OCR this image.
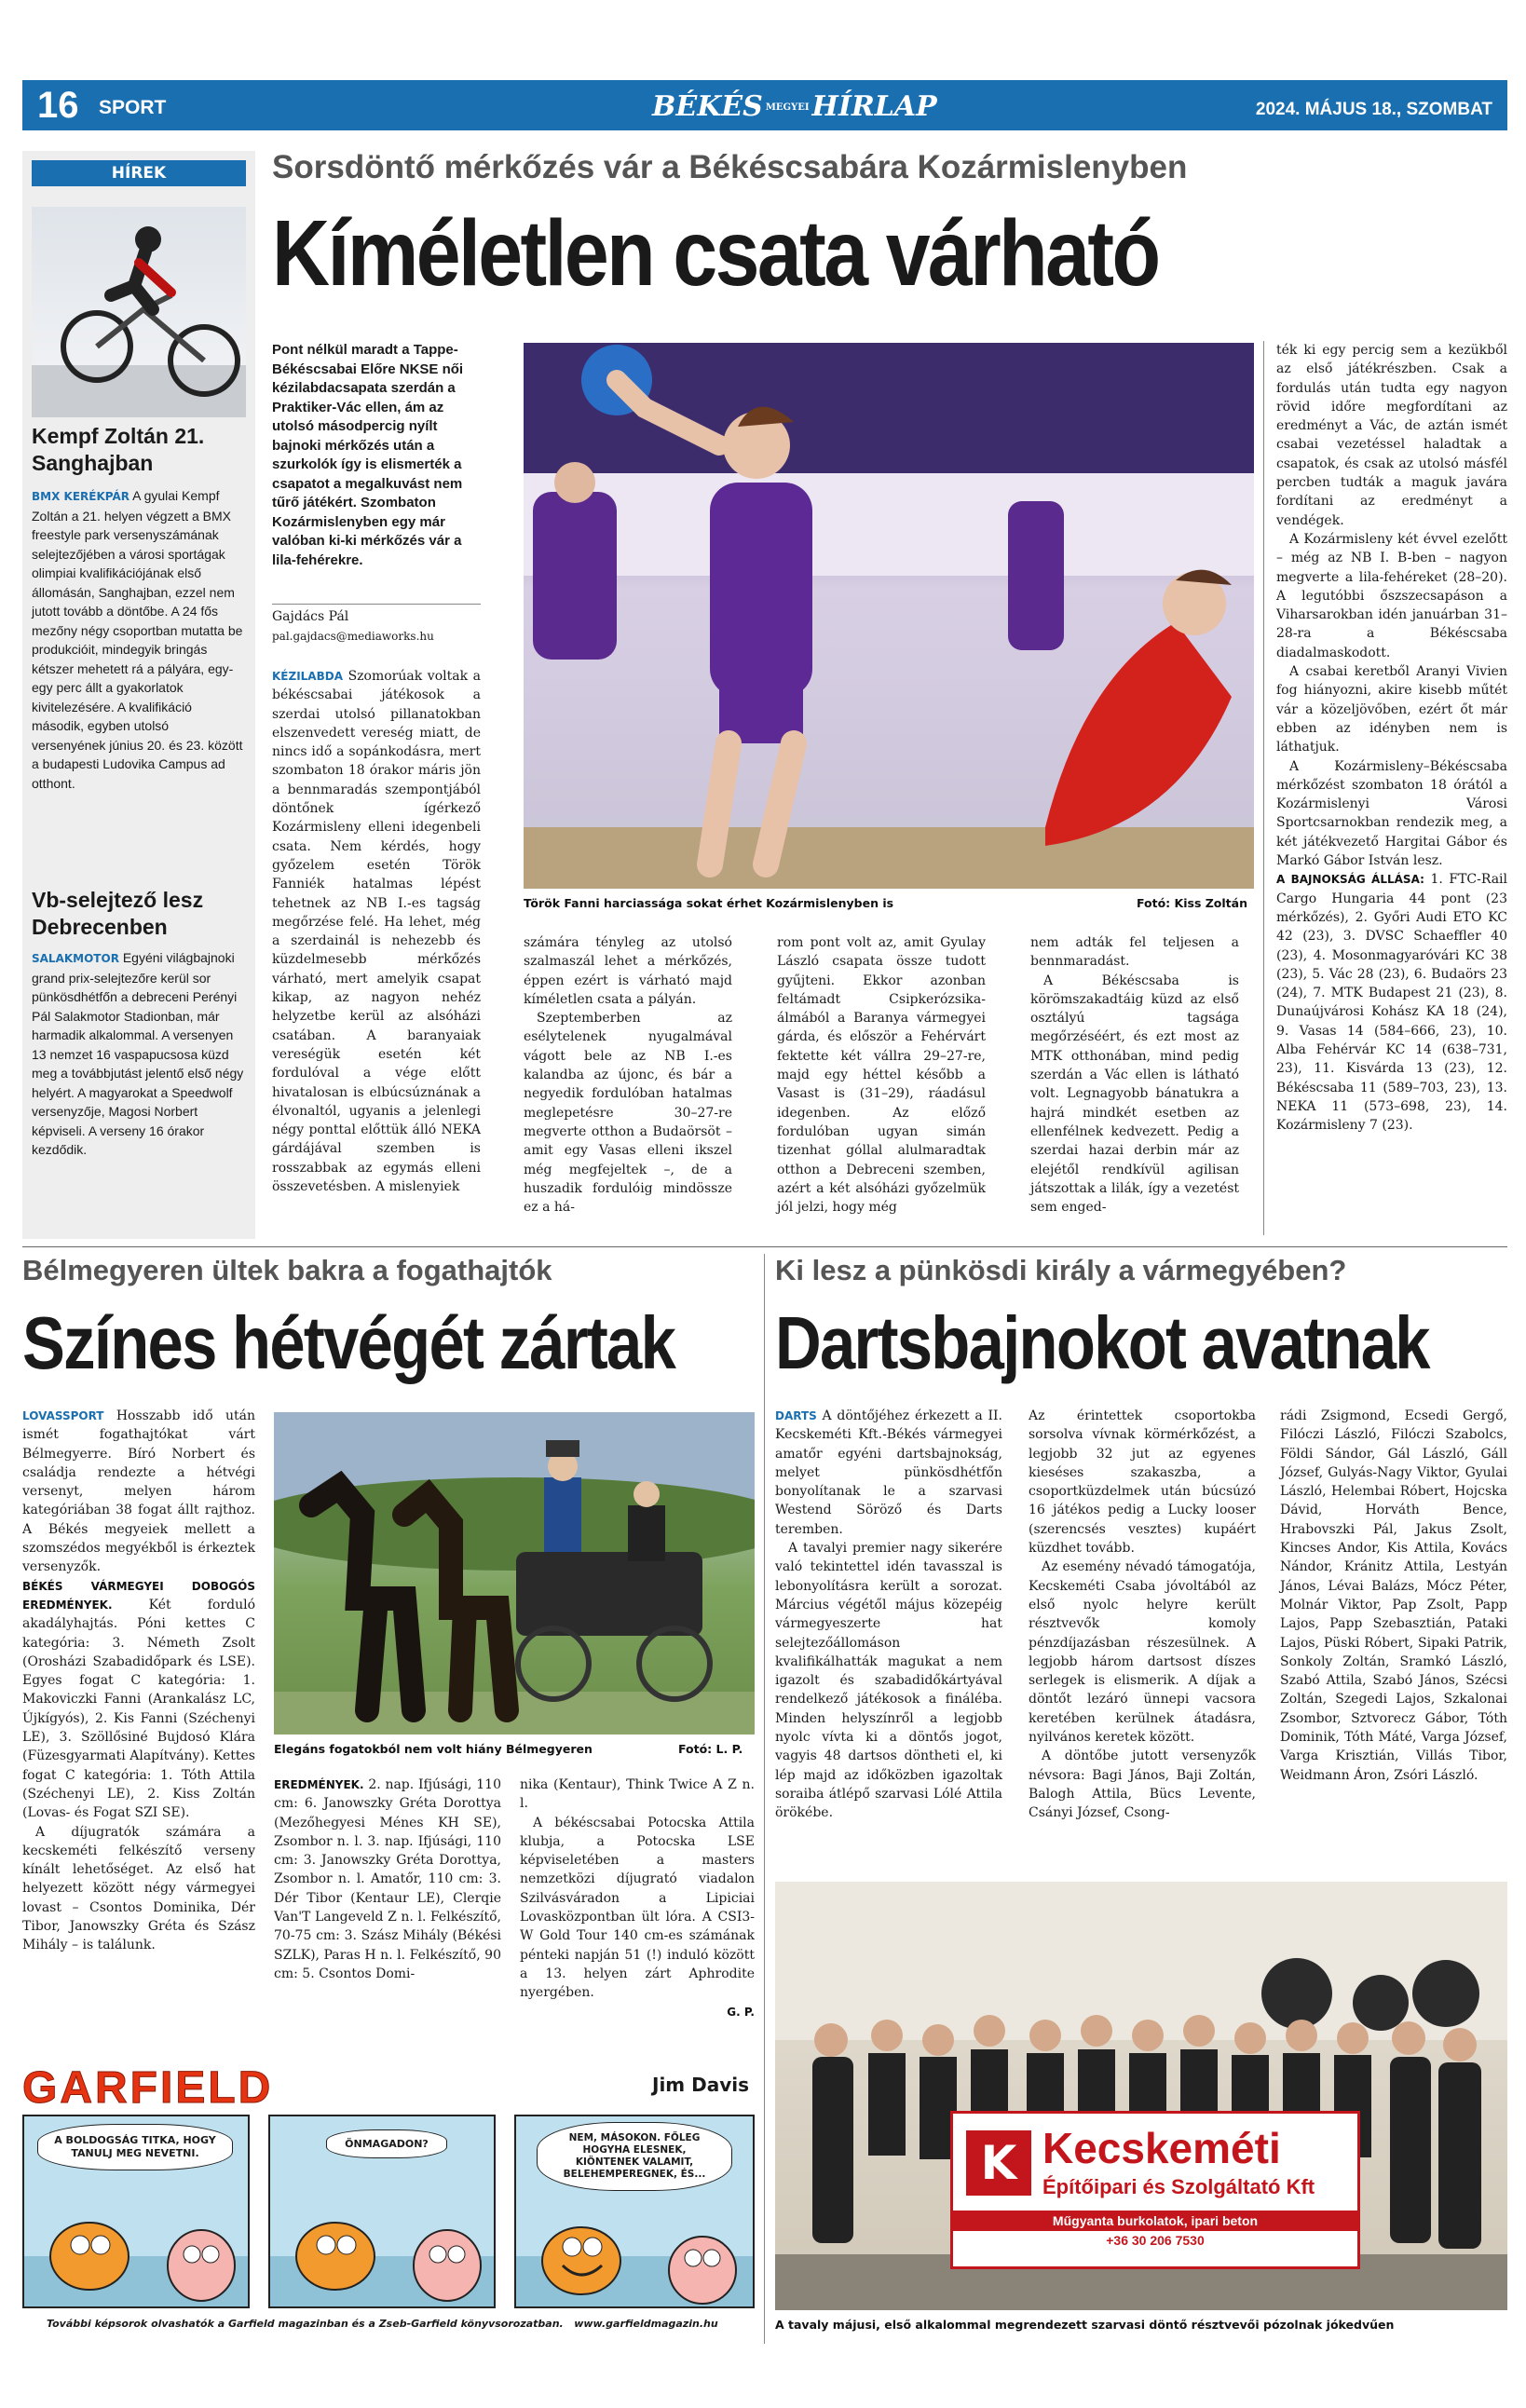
16 SPORT	BÉKÉS MEGYEI HÍRLAP	2024. MÁJUS 18., SZOMBAT
HÍREK
Kempf Zoltán 21. Sanghajban
BMX KERÉKPÁR A gyulai Kempf Zoltán a 21. helyen végzett a BMX freestyle park versenyszámának selejtezőjében a városi sportágak olimpiai kvalifikációjának első állomásán, Sanghajban, ezzel nem jutott tovább a döntőbe. A 24 fős mezőny négy csoportban mutatta be produkcióit, mindegyik bringás kétszer mehetett rá a pályára, egy-egy perc állt a gyakorlatok kivitelezésére. A kvalifikáció második, egyben utolsó versenyének június 20. és 23. között a budapesti Ludovika Campus ad otthont.
Vb-selejtező lesz Debrecenben
SALAKMOTOR Egyéni világbajnoki grand prix-selejtezőre kerül sor pünkösdhétfőn a debreceni Perényi Pál Salakmotor Stadionban, már harmadik alkalommal. A versenyen 13 nemzet 16 vaspapucsosa küzd meg a továbbjutást jelentő első négy helyért. A magyarokat a Speedwolf versenyzője, Magosi Norbert képviseli. A verseny 16 órakor kezdődik.
Sorsdöntő mérkőzés vár a Békéscsabára Kozármislenyben
Kíméletlen csata várható
Pont nélkül maradt a Tappe-Békéscsabai Előre NKSE női kézilabdacsapata szerdán a Praktiker-Vác ellen, ám az utolsó másodpercig nyílt bajnoki mérkőzés után a szurkolók így is elismerték a csapatot a megalkuvást nem tűrő játékért. Szombaton Kozármislenyben egy már valóban ki-ki mérkőzés vár a lila-fehérekre.
Gajdács Pál
pal.gajdacs@mediaworks.hu

KÉZILABDA Szomorúak voltak a békéscsabai játékosok a szerdai utolsó pillanatokban elszenvedett vereség miatt, de nincs idő a sopánkodásra, mert szombaton 18 órakor máris jön a bennmaradás szempontjából döntőnek ígérkező Kozármisleny elleni idegenbeli csata. Nem kérdés, hogy győzelem esetén Török Fanniék hatalmas lépést tehetnek az NB I.-es tagság megőrzése felé. Ha lehet, még a szerdainál is nehezebb és küzdelmesebb mérkőzés várható, mert amelyik csapat kikap, az nagyon nehéz helyzetbe kerül az alsóházi csatában. A baranyaiak vereségük esetén két fordulóval a vége előtt hivatalosan is elbúcsúznának a élvonaltól, ugyanis a jelenlegi négy ponttal előttük álló NEKA gárdájával szemben is rosszabbak az egymás elleni összevetésben. A mislenyiek

Török Fanni harciassága sokat érhet Kozármislenyben is	Fotó: Kiss Zoltán

számára tényleg az utolsó szalmaszál lehet a mérkőzés, éppen ezért is várható majd kíméletlen csata a pályán.

Szeptemberben az esélytelenek nyugalmával vágott bele az NB I.-es kalandba az újonc, és bár a negyedik fordulóban hatalmas meglepetésre 30–27-re megverte otthon a Budaörsöt – amit egy Vasas elleni ikszel még megfejeltek –, de a huszadik fordulóig mindössze ez a há-

rom pont volt az, amit Gyulay László csapata össze tudott gyűjteni. Ekkor azonban feltámadt Csipkerózsika-álmából a Baranya vármegyei gárda, és először a Fehérvárt fektette két vállra 29–27-re, majd egy héttel később a Vasast is (31–29), ráadásul idegenben. Az előző fordulóban ugyan simán tizenhat góllal alulmaradtak otthon a Debreceni szemben, azért a két alsóházi győzelmük jól jelzi, hogy még

nem adták fel teljesen a bennmaradást.

A Békéscsaba is körömszakadtáig küzd az első osztályú tagsága megőrzéséért, és ezt most az MTK otthonában, mind pedig szerdán a Vác ellen is látható volt. Legnagyobb bánatukra a hajrá mindkét esetben az ellenfélnek kedvezett. Pedig a szerdai hazai derbin már az elejétől rendkívül agilisan játszottak a lilák, így a vezetést sem enged-

ték ki egy percig sem a kezükből az első játékrészben. Csak a fordulás után tudta egy nagyon rövid időre megfordítani az eredményt a Vác, de aztán ismét csabai vezetéssel haladtak a csapatok, és csak az utolsó másfél percben tudták a maguk javára fordítani az eredményt a vendégek.

A Kozármisleny két évvel ezelőtt – még az NB I. B-ben – nagyon megverte a lila-fehéreket (28–20). A legutóbbi őszszecsapáson a Viharsarokban idén januárban 31–28-ra a Békéscsaba diadalmaskodott.

A csabai keretből Aranyi Vivien fog hiányozni, akire kisebb műtét vár a közeljövőben, ezért őt már ebben az idényben nem is láthatjuk.

A Kozármisleny–Békéscsaba mérkőzést szombaton 18 órától a Kozármislenyi Városi Sportcsarnokban rendezik meg, a két játékvezető Hargitai Gábor és Markó Gábor István lesz.

A BAJNOKSÁG ÁLLÁSA: 1. FTC-Rail Cargo Hungaria 44 pont (23 mérkőzés), 2. Győri Audi ETO KC 42 (23), 3. DVSC Schaeffler 40 (23), 4. Mosonmagyaróvári KC 38 (23), 5. Vác 28 (23), 6. Budaörs 23 (24), 7. MTK Budapest 21 (23), 8. Dunaújvárosi Kohász KA 18 (24), 9. Vasas 14 (584–666, 23), 10. Alba Fehérvár KC 14 (638–731, 23), 11. Kisvárda 13 (23), 12. Békéscsaba 11 (589–703, 23), 13. NEKA 11 (573–698, 23), 14. Kozármisleny 7 (23).

Bélmegyeren ültek bakra a fogathajtók
Színes hétvégét zártak

LOVASSPORT Hosszabb idő után ismét fogathajtókat várt Bélmegyerre. Bíró Norbert és családja rendezte a hétvégi versenyt, melyen három kategóriában 38 fogat állt rajthoz. A Békés megyeiek mellett a szomszédos megyékből is érkeztek versenyzők.

BÉKÉS VÁRMEGYEI DOBOGÓS EREDMÉNYEK.	Két forduló akadályhajtás. Póni kettes C kategória: 3. Németh Zsolt (Orosházi Szabadidőpark és LSE). Egyes fogat C kategória: 1. Makoviczki Fanni (Arankalász LC, Újkígyós), 2. Kis Fanni (Széchenyi LE), 3. Szöllősiné Bujdosó Klára (Füzesgyarmati Alapítvány). Kettes fogat C kategória: 1. Tóth Attila (Széchenyi LE), 2. Kiss Zoltán (Lovas- és Fogat SZI SE).

A díjugratók számára a kecskeméti felkészítő verseny kínált lehetőséget. Az első hat helyezett között négy vármegyei lovast – Csontos Dominika, Dér Tibor, Janowszky Gréta és Szász Mihály – is találunk.

Elegáns fogatokból nem volt hiány Bélmegyeren	Fotó: L. P.

EREDMÉNYEK. 2. nap. Ifjúsági, 110 cm: 6. Janowszky Gréta Dorottya (Mezőhegyesi Ménes KH SE), Zsombor n. l. 3. nap. Ifjúsági, 110 cm: 3. Janowszky Gréta Dorottya, Zsombor n. l. Amatőr, 110 cm: 3. Dér Tibor (Kentaur LE), Clerqie Van'T Langeveld Z n. l. Felkészítő, 70-75 cm: 3. Szász Mihály (Békési SZLK), Paras H n. l. Felkészítő, 90 cm: 5. Csontos Domi-

nika (Kentaur), Think Twice A Z n. l.

A békéscsabai Potocska Attila klubja, a Potocska LSE képviseletében a masters nemzetközi díjugrató viadalon Szilvásváradon a Lipiciai Lovasközpontban ült lóra. A CSI3-W Gold Tour 140 cm-es számának pénteki napján 51 (!) induló között a 13. helyen zárt Aphrodite nyergében.

G. P.

Ki lesz a pünkösdi király a vármegyében?
Dartsbajnokot avatnak

DARTS A döntőjéhez érkezett a II. Kecskeméti Kft.-Békés vármegyei amatőr egyéni dartsbajnokság, melyet pünkösdhétfőn bonyolítanak le a szarvasi Westend Söröző és Darts teremben.

A tavalyi premier nagy sikerére való tekintettel idén tavasszal is lebonyolításra került a sorozat. Március végétől május közepéig vármegyeszerte hat selejtezőállomáson kvalifikálhatták magukat a nem igazolt és szabadidőkártyával rendelkező játékosok a fináléba. Minden helyszínről a legjobb nyolc vívta ki a döntős jogot, vagyis 48 dartsos döntheti el, ki lép majd az időközben igazoltak soraiba átlépő szarvasi Lólé Attila örökébe.

Az érintettek csoportokba sorsolva vívnak körmérkőzést, a legjobb 32 jut az egyenes kieséses szakaszba, a csoportküzdelmek után búcsúzó 16 játékos pedig a Lucky looser (szerencsés vesztes) kupáért küzdhet tovább.

Az esemény névadó támogatója, Kecskeméti Csaba jóvoltából az első nyolc helyre került résztvevők komoly pénzdíjazásban részesülnek. A legjobb három dartsost díszes serlegek is elismerik. A díjak a döntőt lezáró ünnepi vacsora keretében kerülnek átadásra, nyilvános keretek között.

A döntőbe jutott versenyzők névsora: Bagi János, Baji Zoltán, Balogh Attila, Bücs Levente, Csányi József, Csong-

rádi Zsigmond, Ecsedi Gergő, Filóczi László, Filóczi Szabolcs, Földi Sándor, Gál László, Gáll József, Gulyás-Nagy Viktor, Gyulai László, Helembai Róbert, Hojcska Dávid, Horváth Bence, Hrabovszki Pál, Jakus Zsolt, Kincses Andor, Kis Attila, Kovács Nándor, Kránitz Attila, Lestyán János, Lévai Balázs, Mócz Péter, Molnár Viktor, Pap Zsolt, Papp Lajos, Papp Szebasztián, Pataki Lajos, Püski Róbert, Sipaki Patrik, Sonkoly Zoltán, Sramkó László, Szabó Attila, Szabó János, Szécsi Zoltán, Szegedi Lajos, Szkalonai Zsombor, Sztvorecz Gábor, Tóth Dominik, Tóth Máté, Varga József, Varga Krisztián, Villás Tibor, Weidmann Áron, Zsóri László.

K Kecskeméti
Építőipari és Szolgáltató Kft
Műgyanta burkolatok, ipari beton
+36 30 206 7530
A tavaly májusi, első alkalommal megrendezett szarvasi döntő résztvevői pózolnak jókedvűen
GARFIELD	Jim Davis
A BOLDOGSÁG TITKA, HOGY TANULJ MEG NEVETNI.
ÖNMAGADON?	NEM, MÁSOKON. FŐLEG HOGYHA ELESNEK, KIÖNTENEK VALAMIT, BELEHEMPEREGNEK, ÉS...
További képsorok olvashatók a Garfield magazinban és a Zseb-Garfield könyvsorozatban.   www.garfieldmagazin.hu
